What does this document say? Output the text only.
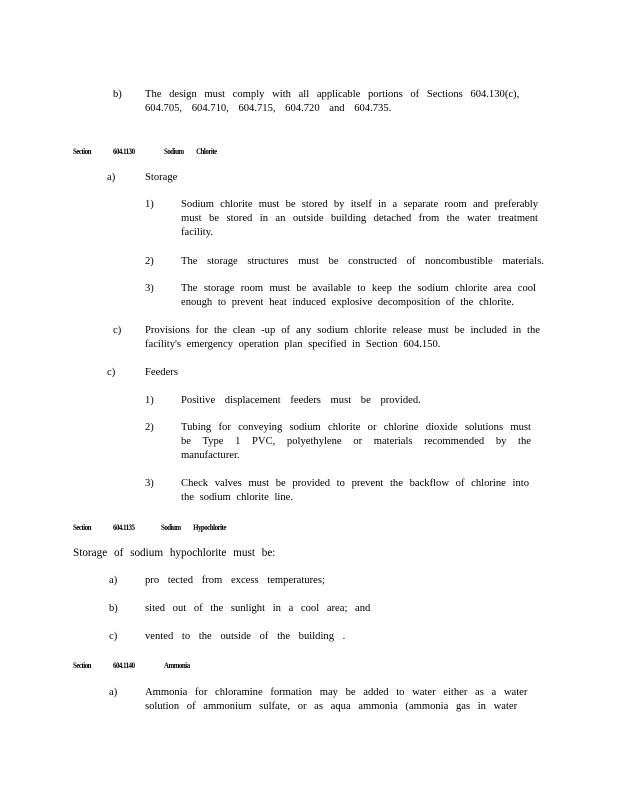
b) The design must comply with all applicable portions of Sections 604.130(c),
604.705, 604.710, 604.715, 604.720 and 604.735.
Section	604.1130	Sodium Chlorite
a)	Storage
1)	Sodium chlorite must be stored by itself in a separate room and preferably must be stored in an outside building detached from the water treatment facility.
2)	The storage structures must be constructed of noncombustible materials.
3)	The storage room must be available to keep the sodium chlorite area cool enough to prevent heat induced explosive decomposition of the chlorite.
c) Provisions for the clean -up of any sodium chlorite release must be included in the facility's emergency operation plan specified in Section 604.150.
c)	Feeders
1)	Positive displacement feeders must be provided.
2)	Tubing for conveying sodium chlorite or chlorine dioxide solutions must be Type 1 PVC, polyethylene or materials recommended by the manufacturer.
3)	Check valves must be provided to prevent the backflow of chlorine into the sodium chlorite line.
Section	604.1135	Sodium Hypochlorite
Storage of sodium hypochlorite must be:
a)	pro tected from excess temperatures;
b)	sited out of the sunlight in a cool area; and
c)	vented to the outside of the building .
Section	604.1140	Ammonia
a)	Ammonia for chloramine formation may be added to water either as a water
solution of ammonium sulfate, or as aqua ammonia (ammonia gas in water
